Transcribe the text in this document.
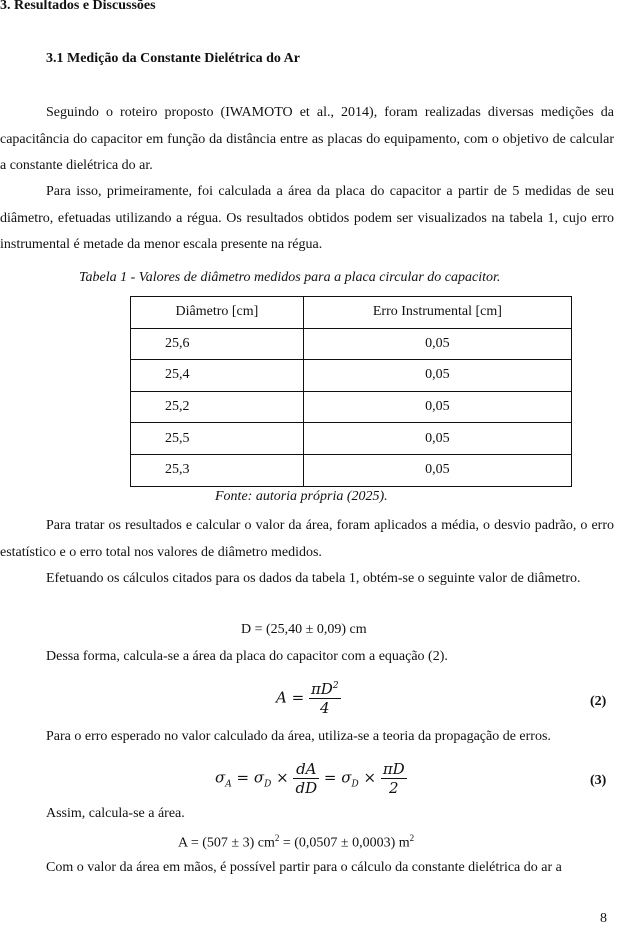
3. Resultados e Discussões
3.1 Medição da Constante Dielétrica do Ar
Seguindo o roteiro proposto (IWAMOTO et al., 2014), foram realizadas diversas medições da capacitância do capacitor em função da distância entre as placas do equipamento, com o objetivo de calcular a constante dielétrica do ar.
Para isso, primeiramente, foi calculada a área da placa do capacitor a partir de 5 medidas de seu diâmetro, efetuadas utilizando a régua. Os resultados obtidos podem ser visualizados na tabela 1, cujo erro instrumental é metade da menor escala presente na régua.
Tabela 1 - Valores de diâmetro medidos para a placa circular do capacitor.
Diâmetro [cm]	Erro Instrumental [cm]
25,6	0,05
25,4	0,05
25,2	0,05
25,5	0,05
25,3	0,05
Fonte: autoria própria (2025).
Para tratar os resultados e calcular o valor da área, foram aplicados a média, o desvio padrão, o erro estatístico e o erro total nos valores de diâmetro medidos.
Efetuando os cálculos citados para os dados da tabela 1, obtém-se o seguinte valor de diâmetro.
D = (25,40 ± 0,09) cm
Dessa forma, calcula-se a área da placa do capacitor com a equação (2).
$A = \frac{\pi D^2}{4}$	(2)
Para o erro esperado no valor calculado da área, utiliza-se a teoria da propagação de erros.
$\sigma_A = \sigma_D \times \frac{dA}{dD} = \sigma_D \times \frac{\pi D}{2}$	(3)
Assim, calcula-se a área.
A = (507 ± 3) $cm^2 = (0,0507 \pm 0,0003)$ $m^2$
Com o valor da área em mãos, é possível partir para o cálculo da constante dielétrica do ar a
8
